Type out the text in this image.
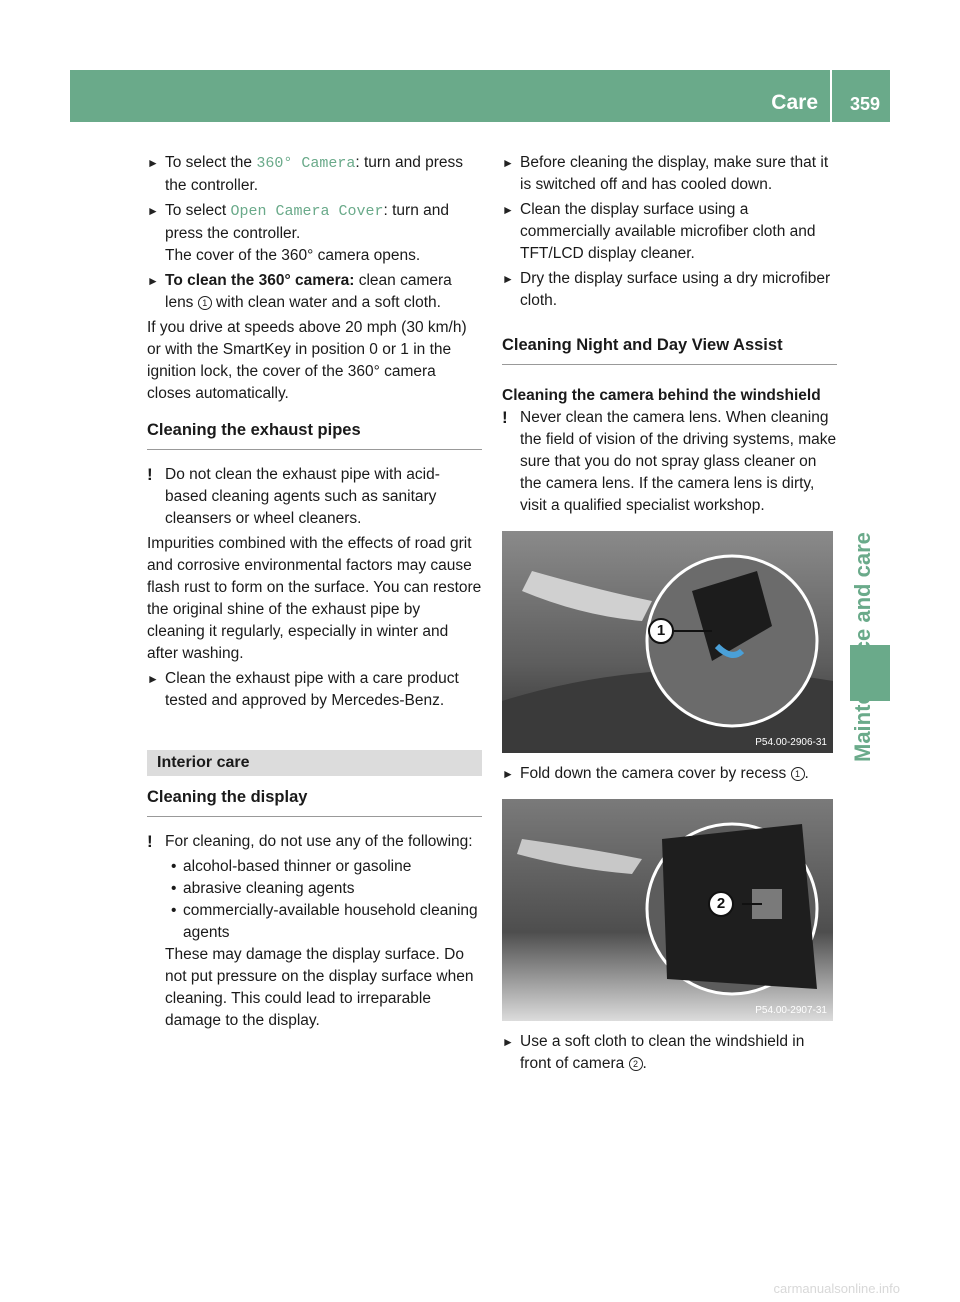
Care 359
► To select the 360° Camera: turn and press the controller.
► To select Open Camera Cover: turn and press the controller.
The cover of the 360° camera opens.
► To clean the 360° camera: clean camera lens 1 with clean water and a soft cloth.

If you drive at speeds above 20 mph (30 km/h) or with the SmartKey in position 0 or 1 in the ignition lock, the cover of the 360° camera closes automatically.

Cleaning the exhaust pipes
! Do not clean the exhaust pipe with acid-based cleaning agents such as sanitary cleansers or wheel cleaners.

Impurities combined with the effects of road grit and corrosive environmental factors may cause flash rust to form on the surface. You can restore the original shine of the exhaust pipe by cleaning it regularly, especially in winter and after washing.

► Clean the exhaust pipe with a care product tested and approved by Mercedes-Benz.
Interior care
Cleaning the display
! For cleaning, do not use any of the following:
• alcohol-based thinner or gasoline
• abrasive cleaning agents
• commercially-available household cleaning agents

These may damage the display surface. Do not put pressure on the display surface when cleaning. This could lead to irreparable damage to the display.

► Before cleaning the display, make sure that it is switched off and has cooled down.
► Clean the display surface using a commercially available microfiber cloth and TFT/LCD display cleaner.
► Dry the display surface using a dry microfiber cloth.
Cleaning Night and Day View Assist
Cleaning the camera behind the windshield
! Never clean the camera lens. When cleaning the field of vision of the driving systems, make sure that you do not spray glass cleaner on the camera lens. If the camera lens is dirty, visit a qualified specialist workshop.
1
P54.00-2906-31
► Fold down the camera cover by recess 1 .
2
P54.00-2907-31
► Use a soft cloth to clean the windshield in front of camera 2 .
carmanualsonline.info
